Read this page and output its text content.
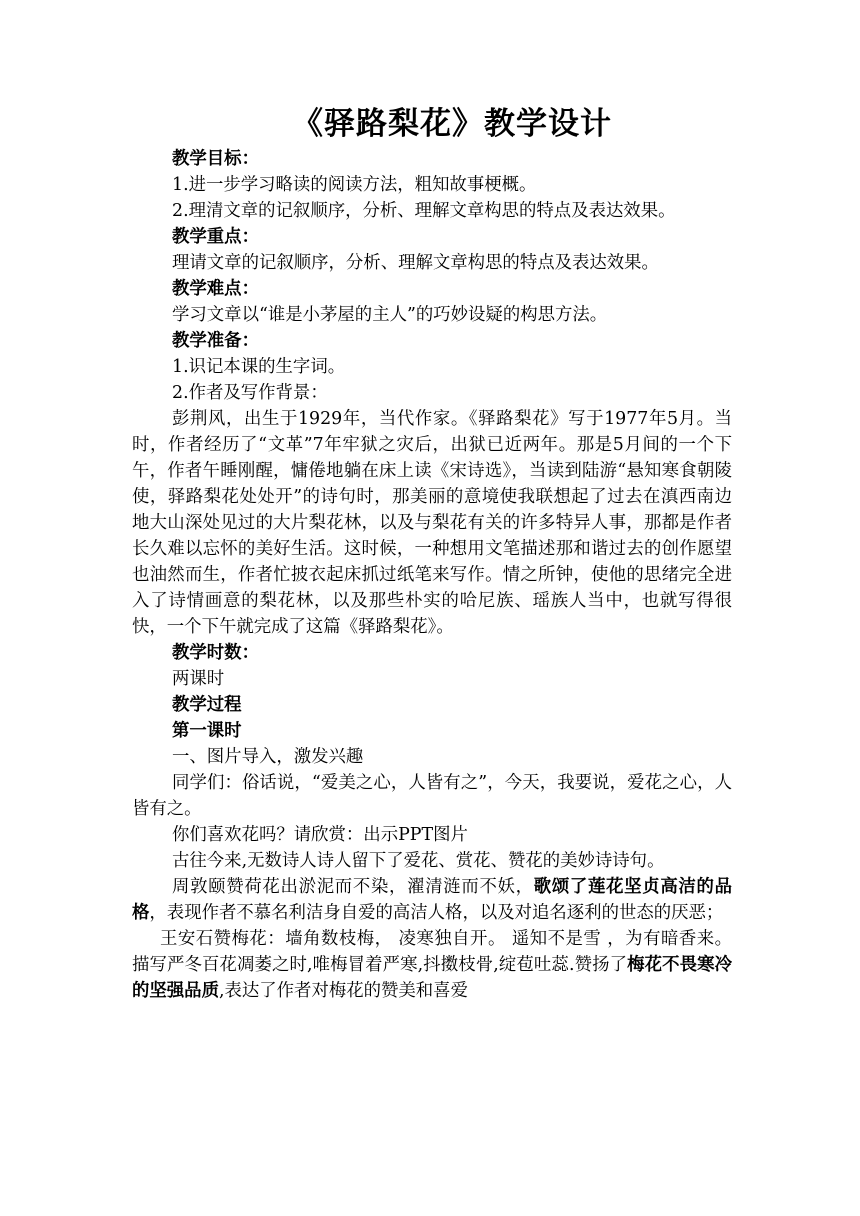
《驿路梨花》教学设计

教学目标：

1.进一步学习略读的阅读方法，粗知故事梗概。

2.理清文章的记叙顺序，分析、理解文章构思的特点及表达效果。

教学重点：

理请文章的记叙顺序，分析、理解文章构思的特点及表达效果。

教学难点：

学习文章以“谁是小茅屋的主人”的巧妙设疑的构思方法。

教学准备：

1.识记本课的生字词。

2.作者及写作背景：

彭荆风，出生于1929年，当代作家。《驿路梨花》写于1977年5月。当时，作者经历了“文革”7年牢狱之灾后，出狱已近两年。那是5月间的一个下午，作者午睡刚醒，慵倦地躺在床上读《宋诗选》，当读到陆游“悬知寒食朝陵使，驿路梨花处处开”的诗句时，那美丽的意境使我联想起了过去在滇西南边地大山深处见过的大片梨花林，以及与梨花有关的许多特异人事，那都是作者长久难以忘怀的美好生活。这时候，一种想用文笔描述那和谐过去的创作愿望也油然而生，作者忙披衣起床抓过纸笔来写作。情之所钟，使他的思绪完全进入了诗情画意的梨花林，以及那些朴实的哈尼族、瑶族人当中，也就写得很快，一个下午就完成了这篇《驿路梨花》。

教学时数：

两课时

教学过程

第一课时

一、图片导入，激发兴趣

同学们：俗话说，“爱美之心，人皆有之”，今天，我要说，爱花之心，人皆有之。

你们喜欢花吗？请欣赏：出示PPT图片

古往今来,无数诗人诗人留下了爱花、赏花、赞花的美妙诗诗句。

周敦颐赞荷花出淤泥而不染，濯清涟而不妖，歌颂了莲花坚贞高洁的品格，表现作者不慕名利洁身自爱的高洁人格，以及对追名逐利的世态的厌恶；

王安石赞梅花：墙角数枝梅， 凌寒独自开。 遥知不是雪 ，为有暗香来。描写严冬百花凋萎之时,唯梅冒着严寒,抖擞枝骨,绽苞吐蕊.赞扬了梅花不畏寒冷的坚强品质,表达了作者对梅花的赞美和喜爱
